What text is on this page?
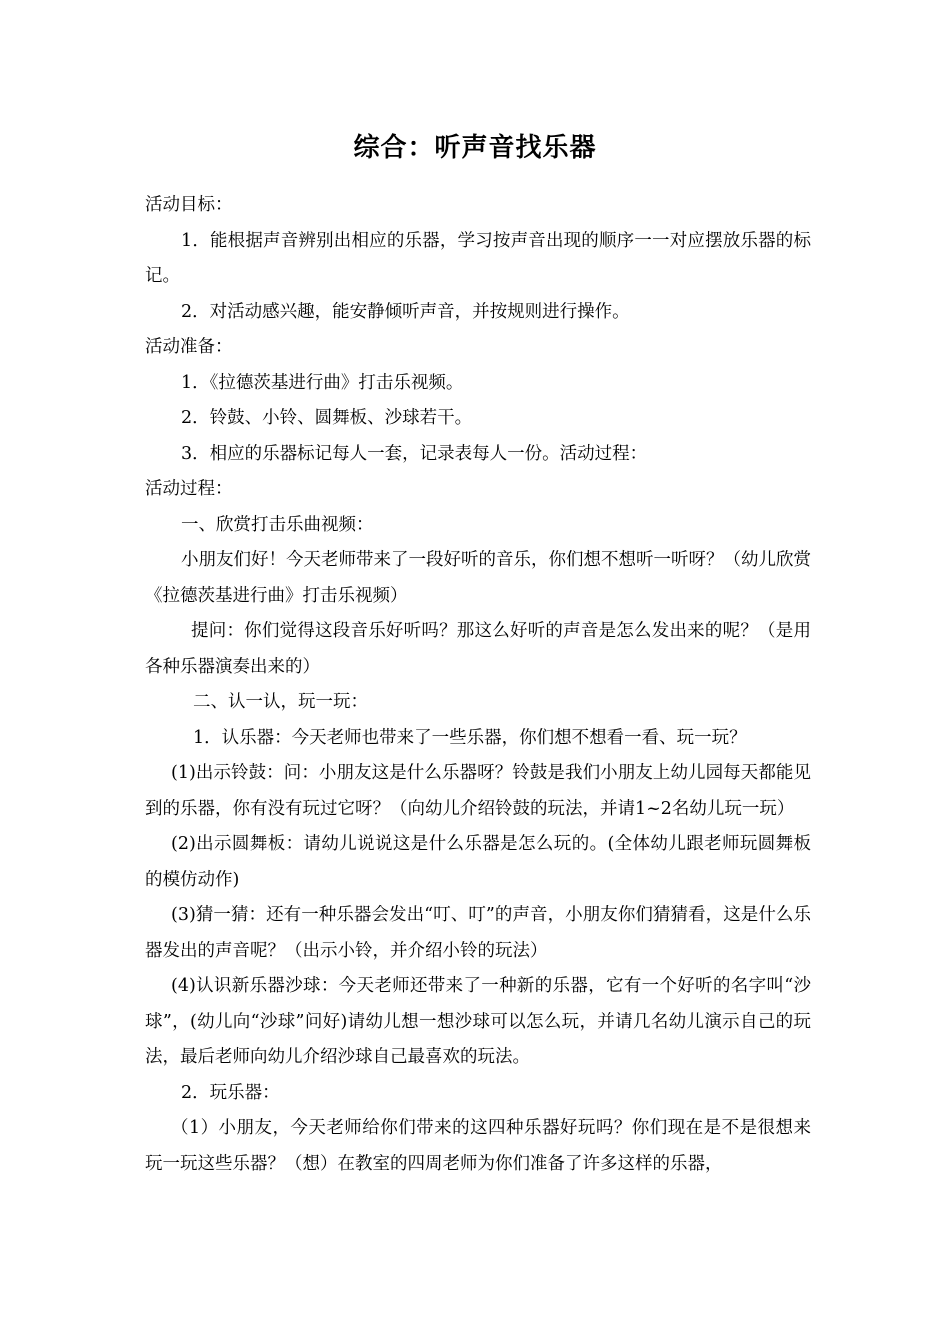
综合：听声音找乐器

活动目标：

1．能根据声音辨别出相应的乐器，学习按声音出现的顺序一一对应摆放乐器的标记。

2．对活动感兴趣，能安静倾听声音，并按规则进行操作。

活动准备：

1．《拉德茨基进行曲》打击乐视频。

2．铃鼓、小铃、圆舞板、沙球若干。

3．相应的乐器标记每人一套，记录表每人一份。活动过程：

活动过程：

一、欣赏打击乐曲视频：

小朋友们好！今天老师带来了一段好听的音乐，你们想不想听一听呀？（幼儿欣赏《拉德茨基进行曲》打击乐视频）

提问：你们觉得这段音乐好听吗？那这么好听的声音是怎么发出来的呢？（是用各种乐器演奏出来的）

二、认一认，玩一玩：

1．认乐器：今天老师也带来了一些乐器，你们想不想看一看、玩一玩？

(1)出示铃鼓：问：小朋友这是什么乐器呀？铃鼓是我们小朋友上幼儿园每天都能见到的乐器，你有没有玩过它呀？（向幼儿介绍铃鼓的玩法，并请1~2名幼儿玩一玩）

(2)出示圆舞板：请幼儿说说这是什么乐器是怎么玩的。(全体幼儿跟老师玩圆舞板的模仿动作)

(3)猜一猜：还有一种乐器会发出“叮、叮”的声音，小朋友你们猜猜看，这是什么乐器发出的声音呢？（出示小铃，并介绍小铃的玩法）

(4)认识新乐器沙球：今天老师还带来了一种新的乐器，它有一个好听的名字叫“沙球”，(幼儿向“沙球”问好)请幼儿想一想沙球可以怎么玩，并请几名幼儿演示自己的玩法，最后老师向幼儿介绍沙球自己最喜欢的玩法。

2．玩乐器：

（1）小朋友，今天老师给你们带来的这四种乐器好玩吗？你们现在是不是很想来玩一玩这些乐器？（想）在教室的四周老师为你们准备了许多这样的乐器，
